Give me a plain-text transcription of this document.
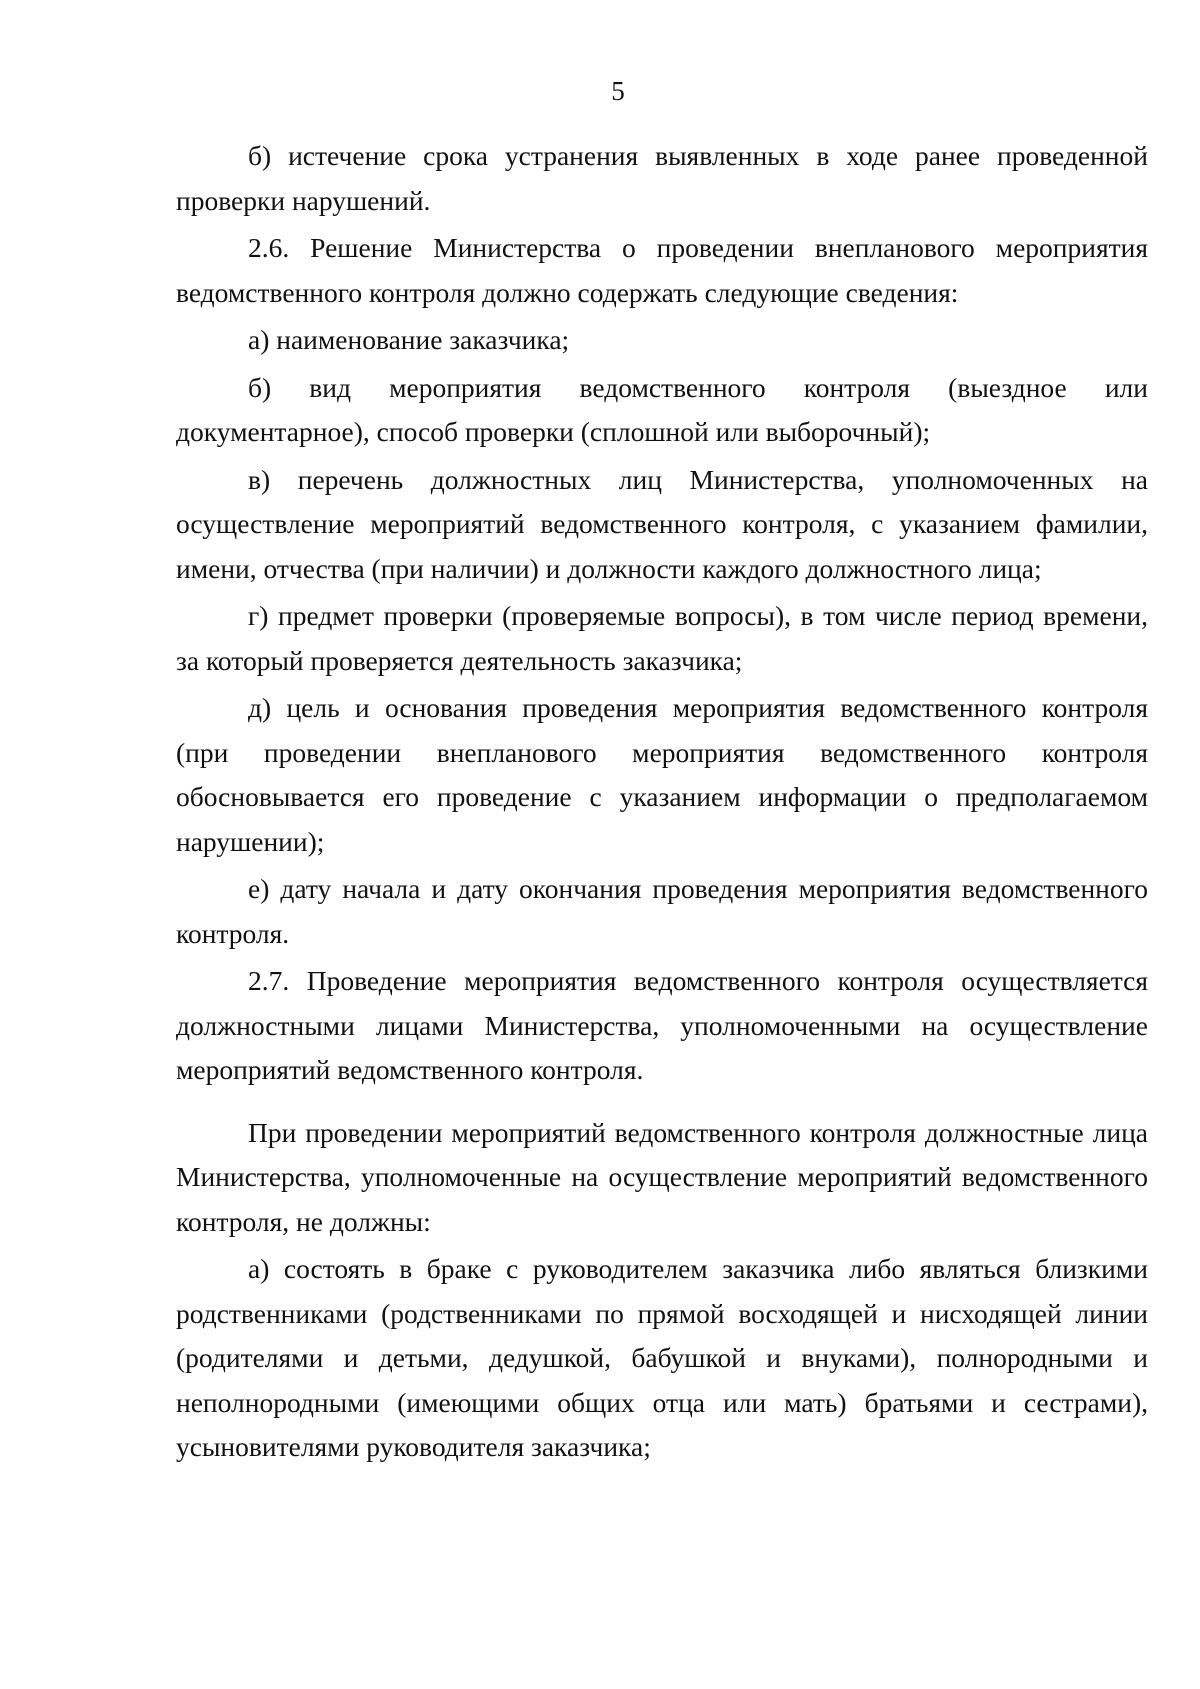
5

б) истечение срока устранения выявленных в ходе ранее проведенной проверки нарушений.

2.6. Решение Министерства о проведении внепланового мероприятия ведомственного контроля должно содержать следующие сведения:

а) наименование заказчика;

б) вид мероприятия ведомственного контроля (выездное или документарное), способ проверки (сплошной или выборочный);

в) перечень должностных лиц Министерства, уполномоченных на осуществление мероприятий ведомственного контроля, с указанием фамилии, имени, отчества (при наличии) и должности каждого должностного лица;

г) предмет проверки (проверяемые вопросы), в том числе период времени, за который проверяется деятельность заказчика;

д) цель и основания проведения мероприятия ведомственного контроля (при проведении внепланового мероприятия ведомственного контроля обосновывается его проведение с указанием информации о предполагаемом нарушении);

е) дату начала и дату окончания проведения мероприятия ведомственного контроля.

2.7. Проведение мероприятия ведомственного контроля осуществляется должностными лицами Министерства, уполномоченными на осуществление мероприятий ведомственного контроля.

При проведении мероприятий ведомственного контроля должностные лица Министерства, уполномоченные на осуществление мероприятий ведомственного контроля, не должны:

а) состоять в браке с руководителем заказчика либо являться близкими родственниками (родственниками по прямой восходящей и нисходящей линии (родителями и детьми, дедушкой, бабушкой и внуками), полнородными и неполнородными (имеющими общих отца или мать) братьями и сестрами), усыновителями руководителя заказчика;
